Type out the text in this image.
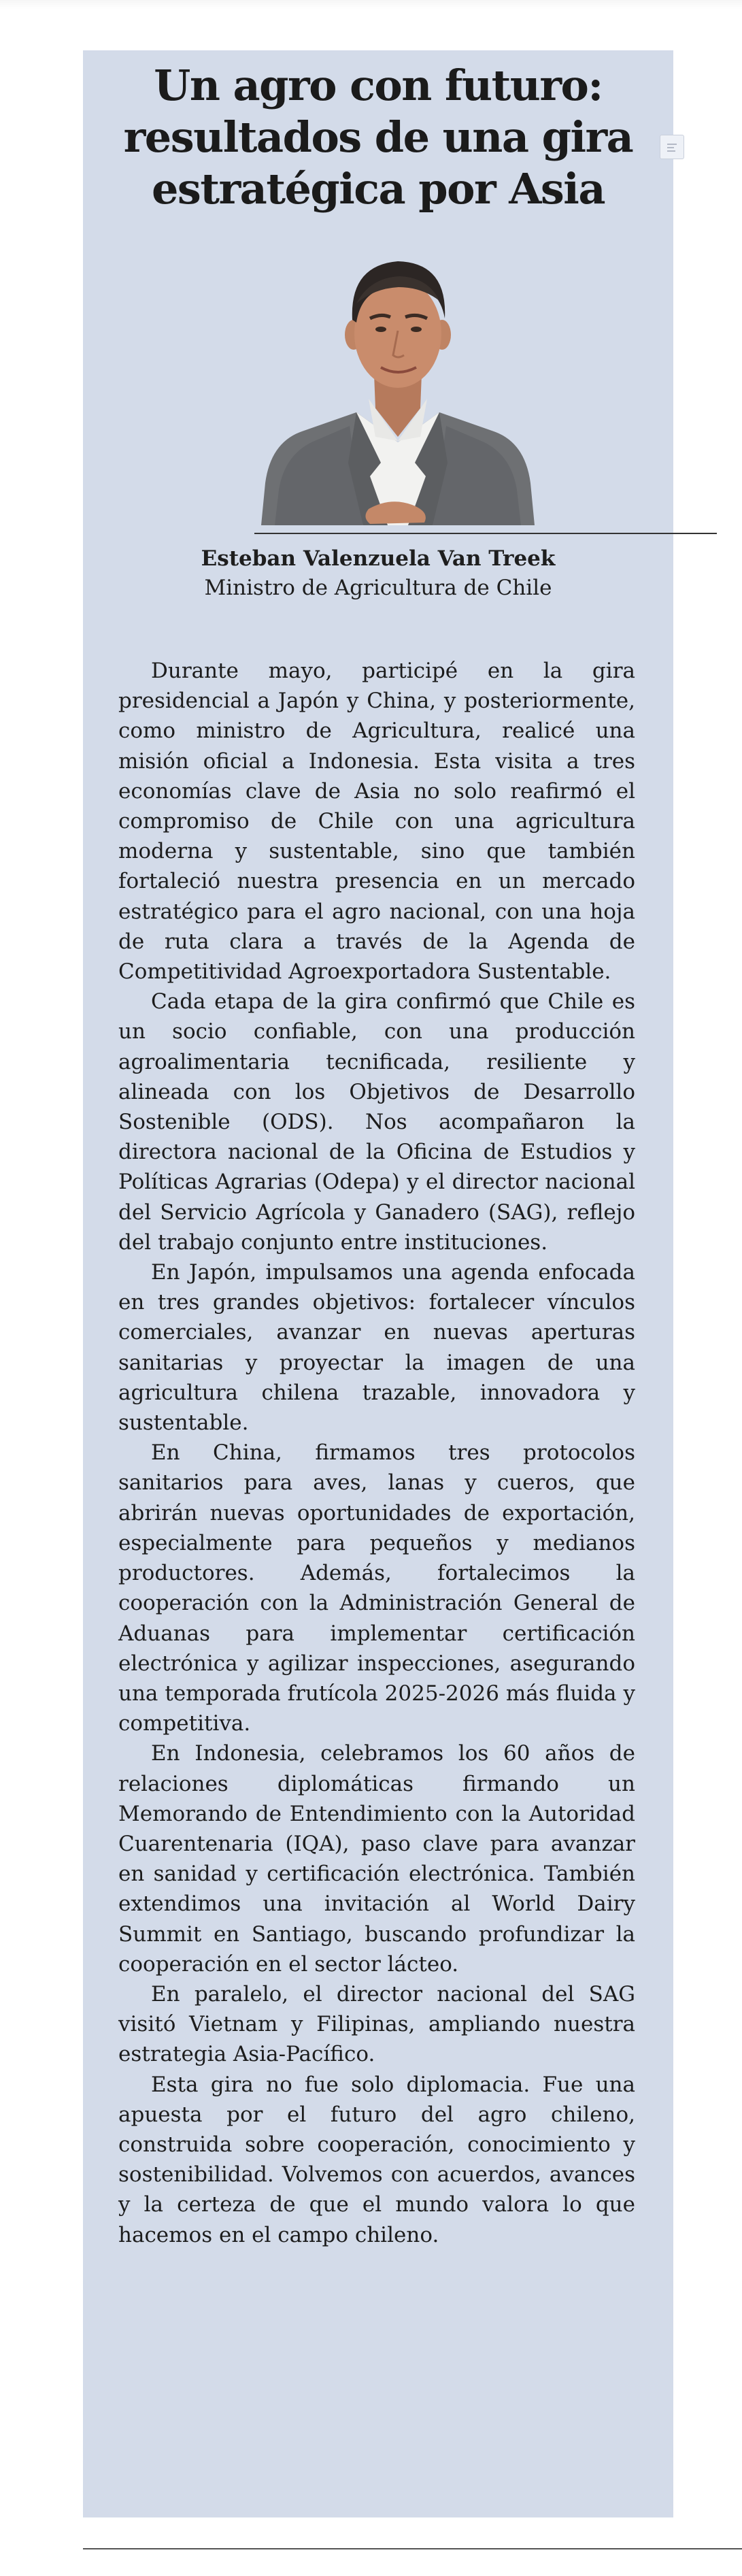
Un agro con futuro: resultados de una gira estratégica por Asia
Esteban Valenzuela Van Treek
Ministro de Agricultura de Chile

Durante mayo, participé en la gira presidencial a Japón y China, y posteriormente, como ministro de Agricultura, realicé una misión oficial a Indonesia. Esta visita a tres economías clave de Asia no solo reafirmó el compromiso de Chile con una agricultura moderna y sustentable, sino que también fortaleció nuestra presencia en un mercado estratégico para el agro nacional, con una hoja de ruta clara a través de la Agenda de Competitividad Agroexportadora Sustentable.

Cada etapa de la gira confirmó que Chile es un socio confiable, con una producción agroalimentaria tecnificada, resiliente y alineada con los Objetivos de Desarrollo Sostenible (ODS). Nos acompañaron la directora nacional de la Oficina de Estudios y Políticas Agrarias (Odepa) y el director nacional del Servicio Agrícola y Ganadero (SAG), reflejo del trabajo conjunto entre instituciones.

En Japón, impulsamos una agenda enfocada en tres grandes objetivos: fortalecer vínculos comerciales, avanzar en nuevas aperturas sanitarias y proyectar la imagen de una agricultura chilena trazable, innovadora y sustentable.

En China, firmamos tres protocolos sanitarios para aves, lanas y cueros, que abrirán nuevas oportunidades de exportación, especialmente para pequeños y medianos productores. Además, fortalecimos la cooperación con la Administración General de Aduanas para implementar certificación electrónica y agilizar inspecciones, asegurando una temporada frutícola 2025-2026 más fluida y competitiva.

En Indonesia, celebramos los 60 años de relaciones diplomáticas firmando un Memorando de Entendimiento con la Autoridad Cuarentenaria (IQA), paso clave para avanzar en sanidad y certificación electrónica. También extendimos una invitación al World Dairy Summit en Santiago, buscando profundizar la cooperación en el sector lácteo.

En paralelo, el director nacional del SAG visitó Vietnam y Filipinas, ampliando nuestra estrategia Asia-Pacífico.

Esta gira no fue solo diplomacia. Fue una apuesta por el futuro del agro chileno, construida sobre cooperación, conocimiento y sostenibilidad. Volvemos con acuerdos, avances y la certeza de que el mundo valora lo que hacemos en el campo chileno.
